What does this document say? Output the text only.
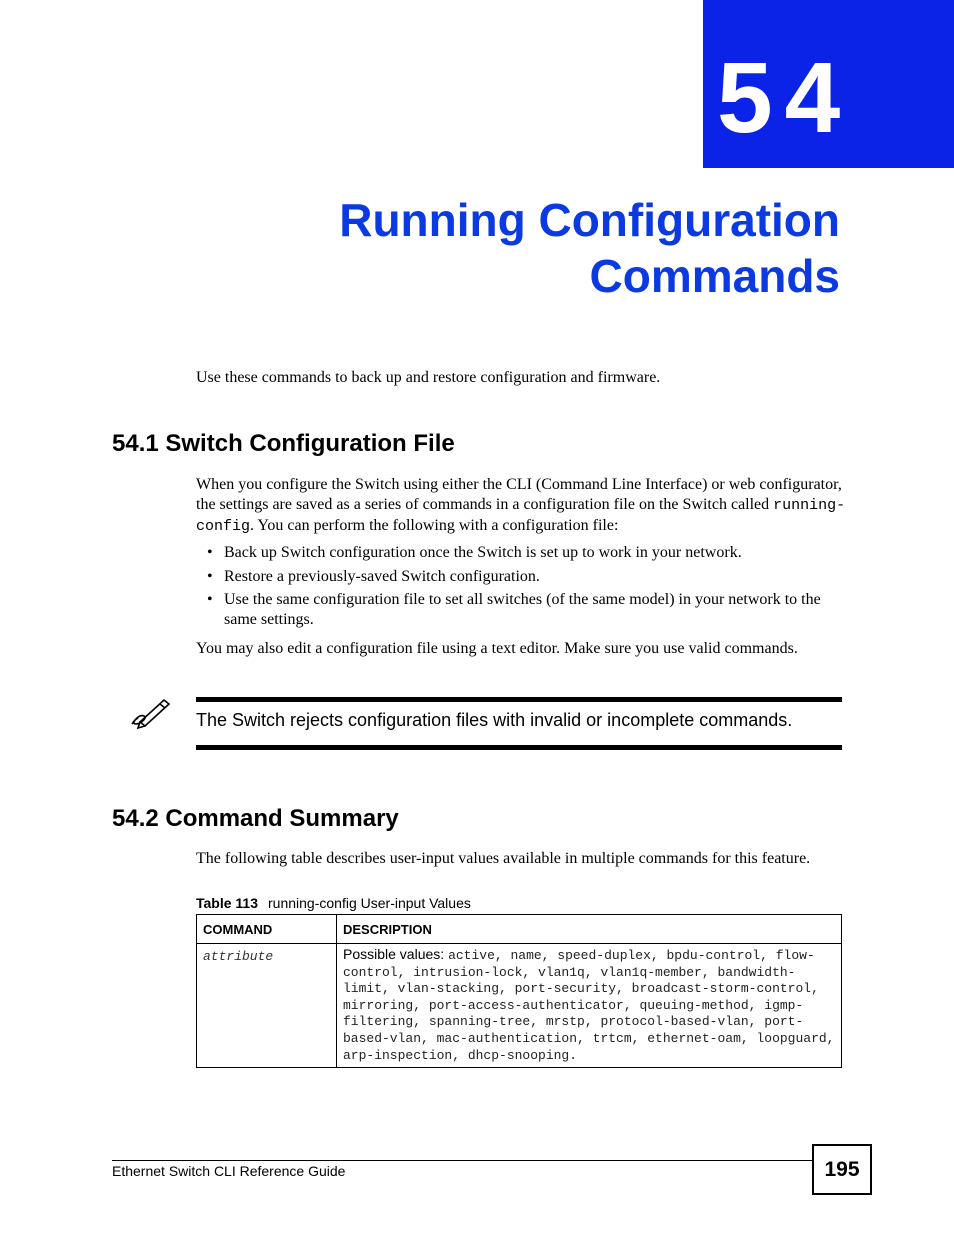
54
Running Configuration
Commands

Use these commands to back up and restore configuration and firmware.

54.1 Switch Configuration File

When you configure the Switch using either the CLI (Command Line Interface) or web configurator, the settings are saved as a series of commands in a configuration file on the Switch called running-config. You can perform the following with a configuration file:

• Back up Switch configuration once the Switch is set up to work in your network.
• Restore a previously-saved Switch configuration.
• Use the same configuration file to set all switches (of the same model) in your network to the same settings.

You may also edit a configuration file using a text editor. Make sure you use valid commands.

The Switch rejects configuration files with invalid or incomplete commands.
54.2 Command Summary

The following table describes user-input values available in multiple commands for this feature.

Table 113 running-config User-input Values
COMMAND	DESCRIPTION
attribute	Possible values: active, name, speed-duplex, bpdu-control, flow-control, intrusion-lock, vlan1q, vlan1q-member, bandwidth-limit, vlan-stacking, port-security, broadcast-storm-control, mirroring, port-access-authenticator, queuing-method, igmp-filtering, spanning-tree, mrstp, protocol-based-vlan, port-based-vlan, mac-authentication, trtcm, ethernet-oam, loopguard, arp-inspection, dhcp-snooping.
Ethernet Switch CLI Reference Guide	195
